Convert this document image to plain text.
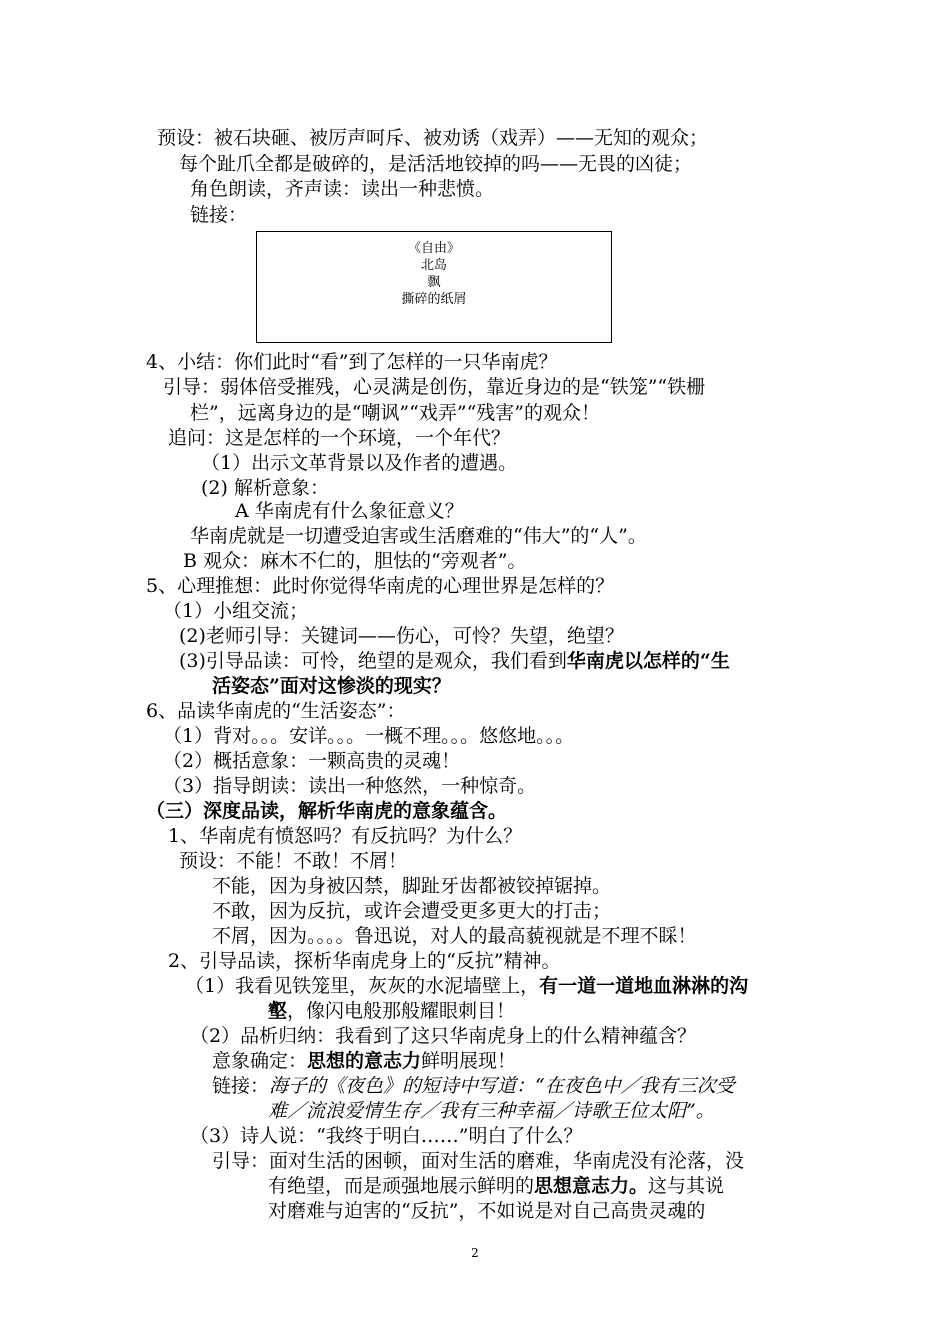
预设：被石块砸、被厉声呵斥、被劝诱（戏弄）——无知的观众；
每个趾爪全都是破碎的，是活活地铰掉的吗——无畏的凶徒；
角色朗读，齐声读：读出一种悲愤。
链接：
《自由》
北岛
飘
撕碎的纸屑
4、小结：你们此时“看”到了怎样的一只华南虎？
引导：弱体倍受摧残，心灵满是创伤，靠近身边的是“铁笼”“铁栅
栏”，远离身边的是“嘲讽”“戏弄”“残害”的观众！
追问：这是怎样的一个环境，一个年代？
（1）出示文革背景以及作者的遭遇。
(2) 解析意象：
A 华南虎有什么象征意义？
华南虎就是一切遭受迫害或生活磨难的“伟大”的“人”。
B 观众：麻木不仁的，胆怯的“旁观者”。
5、心理推想：此时你觉得华南虎的心理世界是怎样的？
（1）小组交流；
(2)老师引导：关键词——伤心，可怜？失望，绝望？
(3)引导品读：可怜，绝望的是观众，我们看到华南虎以怎样的“生
活姿态”面对这惨淡的现实？
6、品读华南虎的“生活姿态”：
（1）背对。。。安详。。。一概不理。。。悠悠地。。。
（2）概括意象：一颗高贵的灵魂！
（3）指导朗读：读出一种悠然，一种惊奇。
（三）深度品读，解析华南虎的意象蕴含。
1、华南虎有愤怒吗？有反抗吗？为什么？
预设：不能！不敢！不屑！
不能，因为身被囚禁，脚趾牙齿都被铰掉锯掉。
不敢，因为反抗，或许会遭受更多更大的打击；
不屑，因为。。。。鲁迅说，对人的最高藐视就是不理不睬！
2、引导品读，探析华南虎身上的“反抗”精神。
（1）我看见铁笼里，灰灰的水泥墙壁上，有一道一道地血淋淋的沟
壑，像闪电般那般耀眼刺目！
（2）品析归纳：我看到了这只华南虎身上的什么精神蕴含？
意象确定：思想的意志力鲜明展现！
链接：海子的《夜色》的短诗中写道：“在夜色中／我有三次受
难／流浪爱情生存／我有三种幸福／诗歌王位太阳”。
（3）诗人说：“我终于明白……”明白了什么？
引导：面对生活的困顿，面对生活的磨难，华南虎没有沦落，没
有绝望，而是顽强地展示鲜明的思想意志力。这与其说
对磨难与迫害的“反抗”，不如说是对自己高贵灵魂的
2
